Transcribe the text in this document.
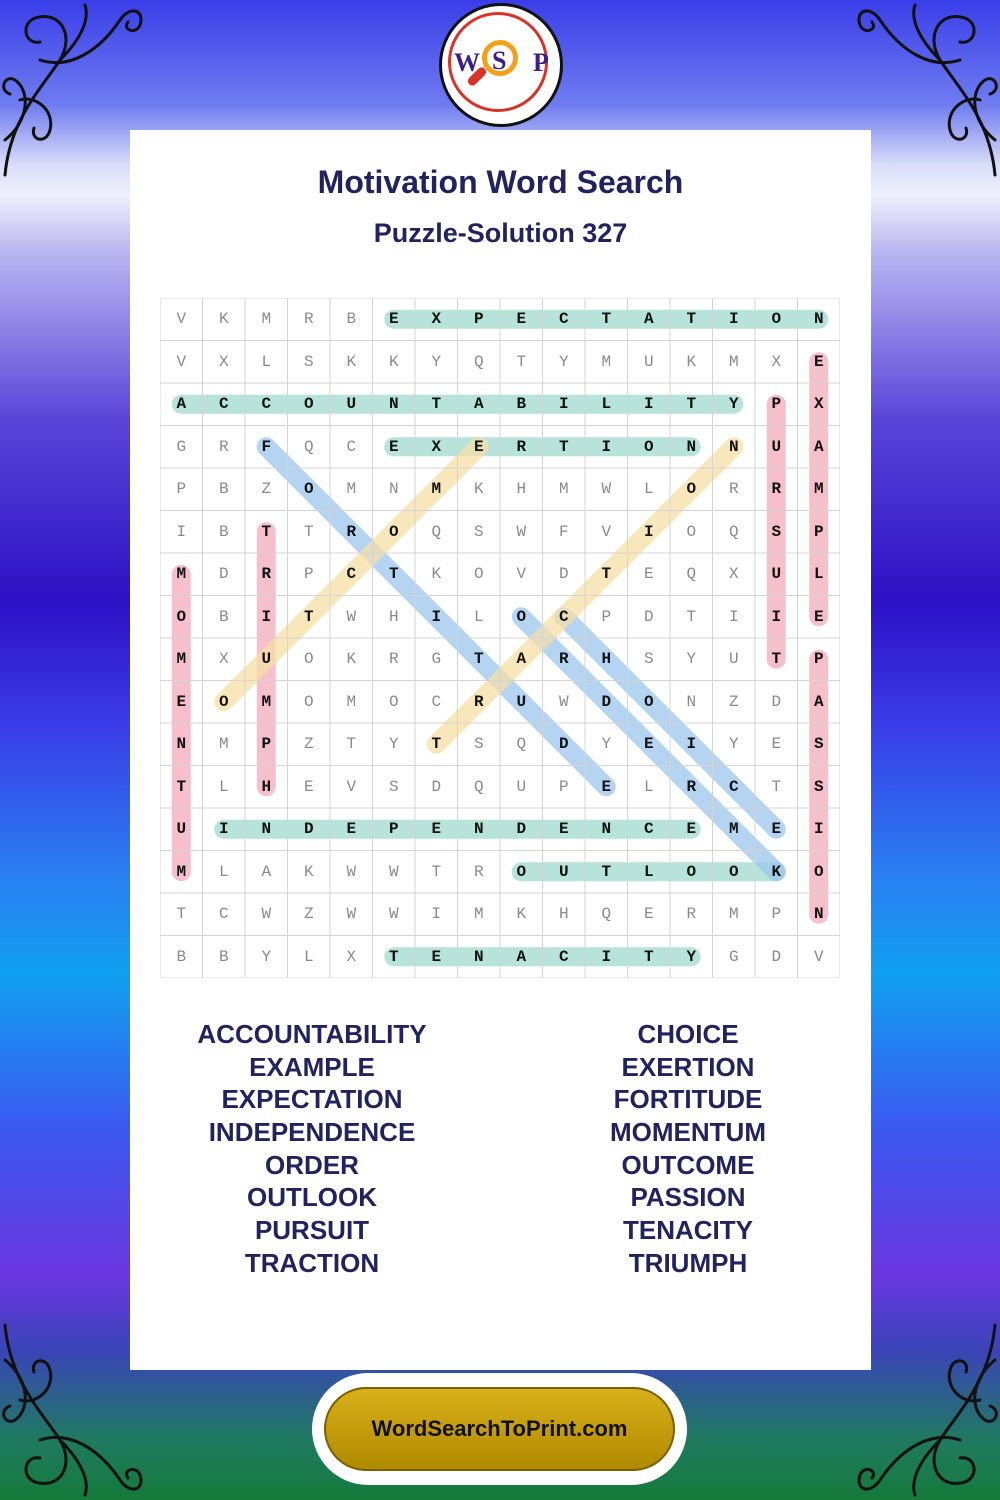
W S P
Motivation Word Search
Puzzle-Solution 327
V	K	M	R	B	E	X	P	E	C	T	A	T	I	O	N
V	X	L	S	K	K	Y	Q	T	Y	M	U	K	M	X	E
A	C	C	O	U	N	T	A	B	I	L	I	T	Y	P	X
G	R	F	Q	C	E	X	E	R	T	I	O	N	N	U	A
P	B	Z	O	M	N	M	K	H	M	W	L	O	R	R	M
I	B	T	T	R	O	Q	S	W	F	V	I	O	Q	S	P
M	D	R	P	C	T	K	O	V	D	T	E	Q	X	U	L
O	B	I	T	W	H	I	L	O	C	P	D	T	I	I	E
M	X	U	O	K	R	G	T	A	R	H	S	Y	U	T	P
E	O	M	O	M	O	C	R	U	W	D	O	N	Z	D	A
N	M	P	Z	T	Y	T	S	Q	D	Y	E	I	Y	E	S
T	L	H	E	V	S	D	Q	U	P	E	L	R	C	T	S
U	I	N	D	E	P	E	N	D	E	N	C	E	M	E	I
M	L	A	K	W	W	T	R	O	U	T	L	O	O	K	O
T	C	W	Z	W	W	I	M	K	H	Q	E	R	M	P	N
B	B	Y	L	X	T	E	N	A	C	I	T	Y	G	D	V
ACCOUNTABILITY
EXAMPLE
EXPECTATION
INDEPENDENCE
ORDER
OUTLOOK
PURSUIT
TRACTION
CHOICE
EXERTION
FORTITUDE
MOMENTUM
OUTCOME
PASSION
TENACITY
TRIUMPH
WordSearchToPrint.com
